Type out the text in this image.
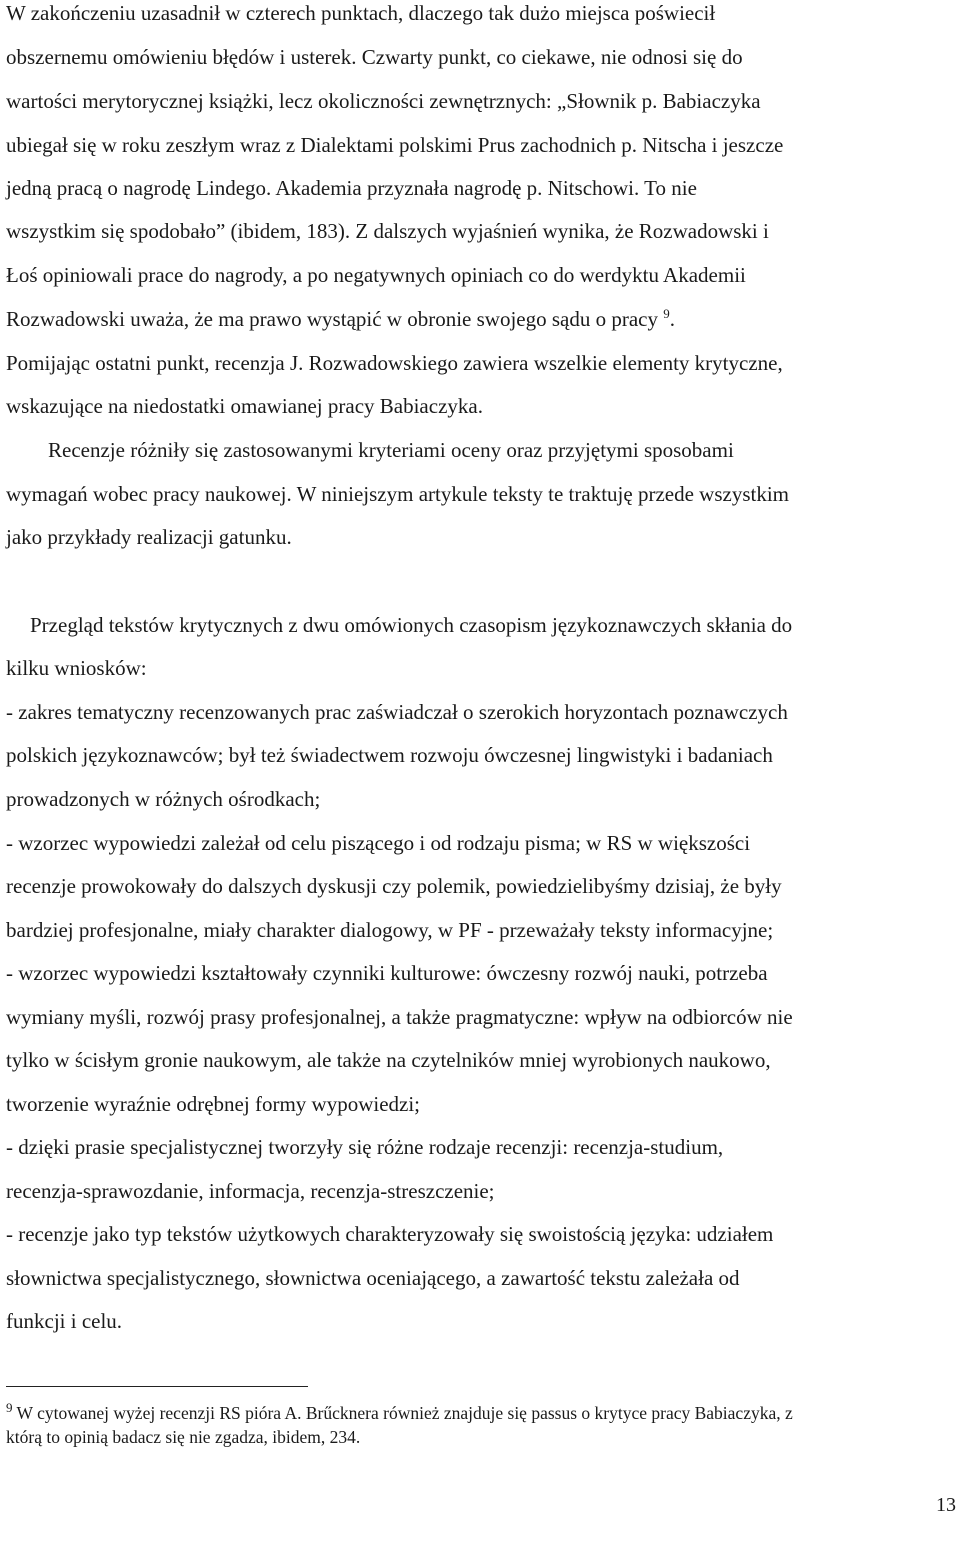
W zakończeniu uzasadnił w czterech punktach, dlaczego tak dużo miejsca poświecił
obszernemu omówieniu błędów i usterek. Czwarty punkt, co ciekawe, nie odnosi się do
wartości merytorycznej książki, lecz okoliczności zewnętrznych: „Słownik p. Babiaczyka
ubiegał się w roku zeszłym wraz z Dialektami polskimi Prus zachodnich p. Nitscha i jeszcze
jedną pracą o nagrodę Lindego. Akademia przyznała nagrodę p. Nitschowi. To nie
wszystkim się spodobało” (ibidem, 183). Z dalszych wyjaśnień wynika, że Rozwadowski i
Łoś opiniowali prace do nagrody, a po negatywnych opiniach co do werdyktu Akademii
Rozwadowski uważa, że ma prawo wystąpić w obronie swojego sądu o pracy $^9$.
Pomijając ostatni punkt, recenzja J. Rozwadowskiego zawiera wszelkie elementy krytyczne,
wskazujące na niedostatki omawianej pracy Babiaczyka.
Recenzje różniły się zastosowanymi kryteriami oceny oraz przyjętymi sposobami
wymagań wobec pracy naukowej. W niniejszym artykule teksty te traktuję przede wszystkim
jako przykłady realizacji gatunku.
Przegląd tekstów krytycznych z dwu omówionych czasopism językoznawczych skłania do
kilku wniosków:
- zakres tematyczny recenzowanych prac zaświadczał o szerokich horyzontach poznawczych
polskich językoznawców; był też świadectwem rozwoju ówczesnej lingwistyki i badaniach
prowadzonych w różnych ośrodkach;
- wzorzec wypowiedzi zależał od celu piszącego i od rodzaju pisma; w RS w większości
recenzje prowokowały do dalszych dyskusji czy polemik, powiedzielibyśmy dzisiaj, że były
bardziej profesjonalne, miały charakter dialogowy, w PF - przeważały teksty informacyjne;
- wzorzec wypowiedzi kształtowały czynniki kulturowe: ówczesny rozwój nauki, potrzeba
wymiany myśli, rozwój prasy profesjonalnej, a także pragmatyczne: wpływ na odbiorców nie
tylko w ścisłym gronie naukowym, ale także na czytelników mniej wyrobionych naukowo,
tworzenie wyraźnie odrębnej formy wypowiedzi;
- dzięki prasie specjalistycznej tworzyły się różne rodzaje recenzji: recenzja-studium,
recenzja-sprawozdanie, informacja, recenzja-streszczenie;
- recenzje jako typ tekstów użytkowych charakteryzowały się swoistością języka: udziałem
słownictwa specjalistycznego, słownictwa oceniającego, a zawartość tekstu zależała od
funkcji i celu.
$^9$ W cytowanej wyżej recenzji RS pióra A. Brűcknera również znajduje się passus o krytyce pracy Babiaczyka, z
którą to opinią badacz się nie zgadza, ibidem, 234.
13
